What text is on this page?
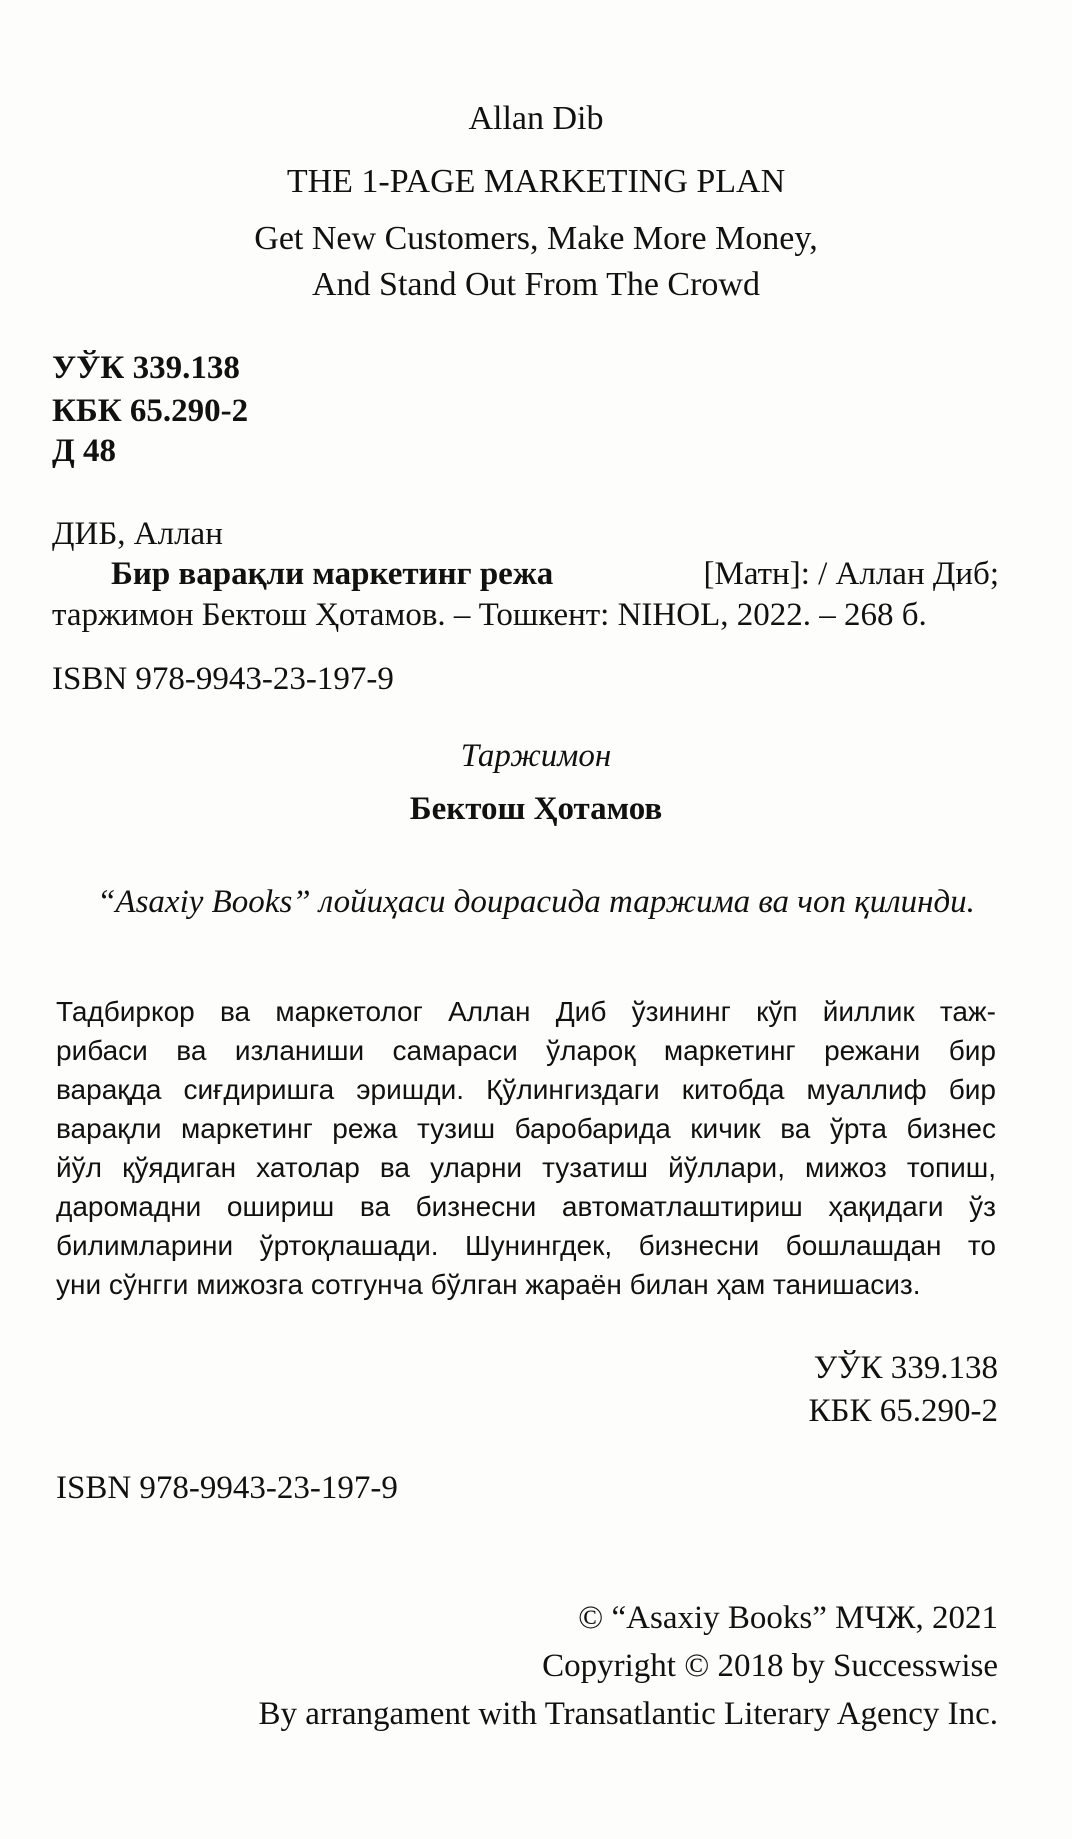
Allan Dib
THE 1-PAGE MARKETING PLAN
Get New Customers, Make More Money,
And Stand Out From The Crowd
УЎК 339.138
КБК 65.290-2
Д 48
ДИБ, Аллан
Бир варақли маркетинг режа	[Матн]: / Аллан Диб;
таржимон Бектош Ҳотамов. – Тошкент: NIHOL, 2022. – 268 б.
ISBN 978-9943-23-197-9
Таржимон
Бектош Ҳотамов
“Asaxiy Books” лойиҳаси доирасида таржима ва чоп қилинди.
Тадбиркор ва маркетолог Аллан Диб ўзининг кўп йиллик таж-
рибаси ва изланиши самараси ўлароқ маркетинг режани бир
варақда сиғдиришга эришди. Қўлингиздаги китобда муаллиф бир
варақли маркетинг режа тузиш баробарида кичик ва ўрта бизнес
йўл қўядиган хатолар ва уларни тузатиш йўллари, мижоз топиш,
даромадни ошириш ва бизнесни автоматлаштириш ҳақидаги ўз
билимларини ўртоқлашади. Шунингдек, бизнесни бошлашдан то
уни сўнгги мижозга сотгунча бўлган жараён билан ҳам танишасиз.
УЎК 339.138
КБК 65.290-2
ISBN 978-9943-23-197-9
© “Asaxiy Books” МЧЖ, 2021
Copyright © 2018 by Successwise
By arrangament with Transatlantic Literary Agency Inc.
